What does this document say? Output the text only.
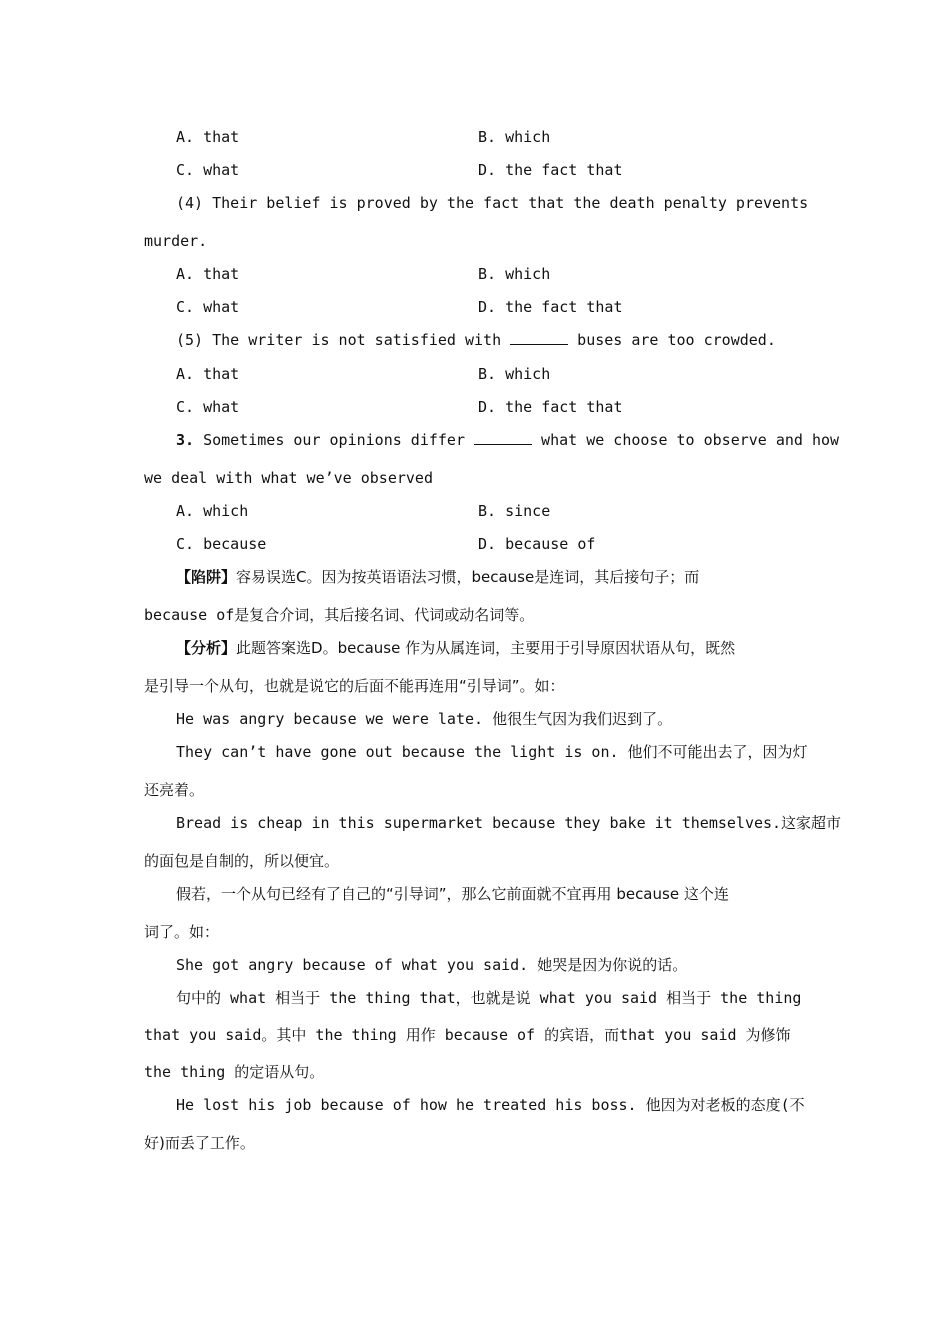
A. that	B. which
C. what	D. the fact that
(4) Their belief is proved by the fact that the death penalty prevents
murder.
A. that	B. which
C. what	D. the fact that
(5) The writer is not satisfied with	buses are too crowded.
A. that	B. which
C. what	D. the fact that
3. Sometimes our opinions differ	what we choose to observe and how
we deal with what we’ve observed
A. which	B. since
C. because	D. because of
【陷阱】容易误选C。因为按英语语法习惯，because是连词，其后接句子；而
because of是复合介词，其后接名词、代词或动名词等。
【分析】此题答案选D。because 作为从属连词，主要用于引导原因状语从句，既然
是引导一个从句，也就是说它的后面不能再连用“引导词”。如：
He was angry because we were late. 他很生气因为我们迟到了。
They can’t have gone out because the light is on. 他们不可能出去了，因为灯
还亮着。
Bread is cheap in this supermarket because they bake it themselves.这家超市
的面包是自制的，所以便宜。
假若，一个从句已经有了自己的“引导词”，那么它前面就不宜再用 because 这个连
词了。如：
She got angry because of what you said. 她哭是因为你说的话。
句中的 what 相当于 the thing that，也就是说 what you said 相当于 the thing
that you said。其中 the thing 用作 because of 的宾语，而that you said 为修饰
the thing 的定语从句。
He lost his job because of how he treated his boss. 他因为对老板的态度(不
好)而丢了工作。
